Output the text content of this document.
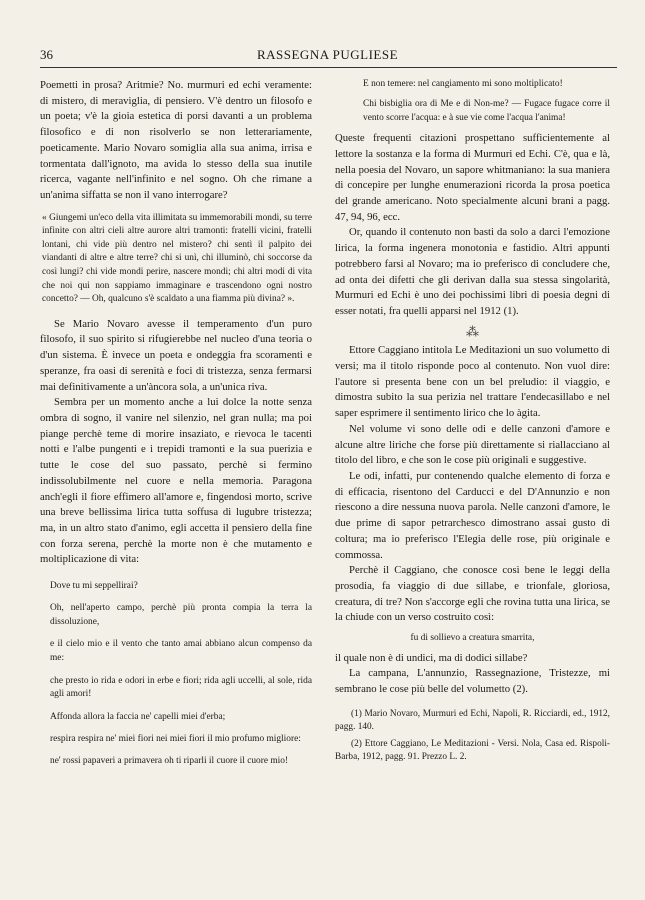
36	RASSEGNA PUGLIESE

Poemetti in prosa? Aritmie? No. murmuri ed echi veramente: di mistero, di meraviglia, di pensiero. V'è dentro un filosofo e un poeta; v'è la gioia estetica di porsi davanti a un problema filosofico e di non risolverlo se non letterariamente, poeticamente. Mario Novaro somiglia alla sua anima, irrisa e tormentata dall'ignoto, ma avida lo stesso della sua inutile ricerca, vagante nell'infinito e nel sogno. Oh che rimane a un'anima siffatta se non il vano interrogare?

« Giungemi un'eco della vita illimitata su immemorabili mondi, su terre infinite con altri cieli altre aurore altri tramonti: fratelli vicini, fratelli lontani, chi vide più dentro nel mistero? chi sentì il palpito dei viandanti di altre e altre terre? chi si unì, chi illuminò, chi soccorse da così lungi? chi vide mondi perire, nascere mondi; chi altri modi di vita che noi qui non sappiamo immaginare e trascendono ogni nostro concetto? — Oh, qualcuno s'è scaldato a una fiamma più divina? ».

Se Mario Novaro avesse il temperamento d'un puro filosofo, il suo spirito si rifugierebbe nel nucleo d'una teoria o d'un sistema. È invece un poeta e ondeggia fra scoramenti e speranze, fra oasi di serenità e foci di tristezza, senza fermarsi mai definitivamente a un'àncora sola, a un'unica riva.

Sembra per un momento anche a lui dolce la notte senza ombra di sogno, il vanire nel silenzio, nel gran nulla; ma poi piange perchè teme di morire insaziato, e rievoca le tacenti notti e l'albe pungenti e i trepidi tramonti e la sua puerizia e tutte le cose del suo passato, perchè si fermino indissolubilmente nel cuore e nella memoria. Paragona anch'egli il fiore effimero all'amore e, fingendosi morto, scrive una breve bellissima lirica tutta soffusa di lugubre tristezza; ma, in un altro stato d'animo, egli accetta il pensiero della fine con forza serena, perchè la morte non è che mutamento e moltiplicazione di vita:

Dove tu mi seppellirai?

Oh, nell'aperto campo, perchè più pronta compia la terra la dissoluzione,

e il cielo mio e il vento che tanto amai abbiano alcun compenso da me:

che presto io rida e odori in erbe e fiori; rida agli uccelli, al sole, rida agli amori!

Affonda allora la faccia ne' capelli miei d'erba;

respira respira ne' miei fiori nei miei fiori il mio profumo migliore:

ne' rossi papaveri a primavera oh ti riparli il cuore il cuore mio!

E non temere: nel cangiamento mi sono moltiplicato!

Chi bisbiglia ora di Me e di Non-me? — Fugace fugace corre il vento scorre l'acqua: e à sue vie come l'acqua l'anima!

Queste frequenti citazioni prospettano sufficientemente al lettore la sostanza e la forma di Murmuri ed Echi. C'è, qua e là, nella poesia del Novaro, un sapore whitmaniano: la sua maniera di concepire per lunghe enumerazioni ricorda la prosa poetica del grande americano. Noto specialmente alcuni brani a pagg. 47, 94, 96, ecc.

Or, quando il contenuto non basti da solo a darci l'emozione lirica, la forma ingenera monotonia e fastidio. Altri appunti potrebbero farsi al Novaro; ma io preferisco di concludere che, ad onta dei difetti che gli derivan dalla sua stessa singolarità, Murmuri ed Echi è uno dei pochissimi libri di poesia degni di esser notati, fra quelli apparsi nel 1912 (1).

⁂

Ettore Caggiano intitola Le Meditazioni un suo volumetto di versi; ma il titolo risponde poco al contenuto. Non vuol dire: l'autore si presenta bene con un bel preludio: il viaggio, e dimostra subito la sua perizia nel trattare l'endecasillabo e nel saper esprimere il sentimento lirico che lo àgita.

Nel volume vi sono delle odi e delle canzoni d'amore e alcune altre liriche che forse più direttamente si riallacciano al titolo del libro, e che son le cose più originali e suggestive.

Le odi, infatti, pur contenendo qualche elemento di forza e di efficacia, risentono del Carducci e del D'Annunzio e non riescono a dire nessuna nuova parola. Nelle canzoni d'amore, le due prime di sapor petrarchesco dimostrano assai gusto di coltura; ma io preferisco l'Elegia delle rose, più originale e commossa.

Perchè il Caggiano, che conosce così bene le leggi della prosodia, fa viaggio di due sillabe, e trionfale, gloriosa, creatura, di tre? Non s'accorge egli che rovina tutta una lirica, se la chiude con un verso costruito così:

fu di sollievo a creatura smarrita,

il quale non è di undici, ma di dodici sillabe?

La campana, L'annunzio, Rassegnazione, Tristezze, mi sembrano le cose più belle del volumetto (2).

(1) Mario Novaro, Murmuri ed Echi, Napoli, R. Ricciardi, ed., 1912, pagg. 140.

(2) Ettore Caggiano, Le Meditazioni - Versi. Nola, Casa ed. Rispoli-Barba, 1912, pagg. 91. Prezzo L. 2.
